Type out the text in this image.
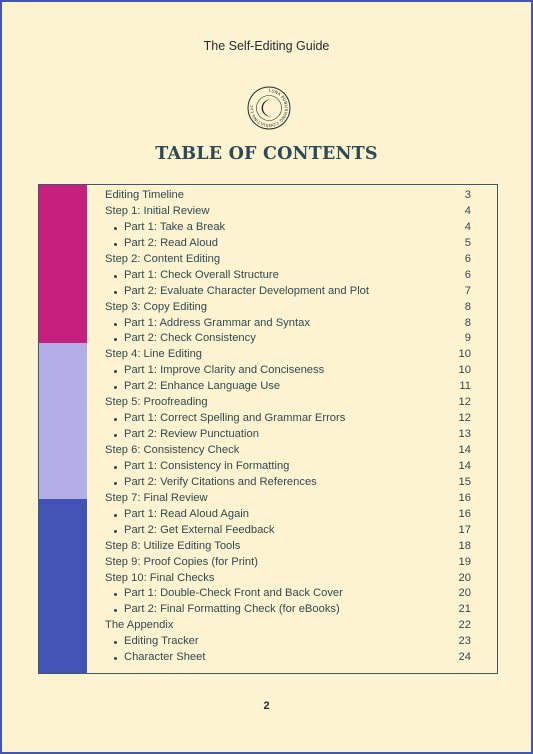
The Self-Editing Guide
LUNA PUBLISHING CONSULTING LLC
TABLE OF CONTENTS
Editing Timeline	3
Step 1: Initial Review	4
Part 1: Take a Break	4
Part 2: Read Aloud	5
Step 2: Content Editing	6
Part 1: Check Overall Structure	6
Part 2: Evaluate Character Development and Plot	7
Step 3: Copy Editing	8
Part 1: Address Grammar and Syntax	8
Part 2: Check Consistency	9
Step 4: Line Editing	10
Part 1: Improve Clarity and Conciseness	10
Part 2: Enhance Language Use	11
Step 5: Proofreading	12
Part 1: Correct Spelling and Grammar Errors	12
Part 2: Review Punctuation	13
Step 6: Consistency Check	14
Part 1: Consistency in Formatting	14
Part 2: Verify Citations and References	15
Step 7: Final Review	16
Part 1: Read Aloud Again	16
Part 2: Get External Feedback	17
Step 8: Utilize Editing Tools	18
Step 9: Proof Copies (for Print)	19
Step 10: Final Checks	20
Part 1: Double-Check Front and Back Cover	20
Part 2: Final Formatting Check (for eBooks)	21
The Appendix	22
Editing Tracker	23
Character Sheet	24
2
